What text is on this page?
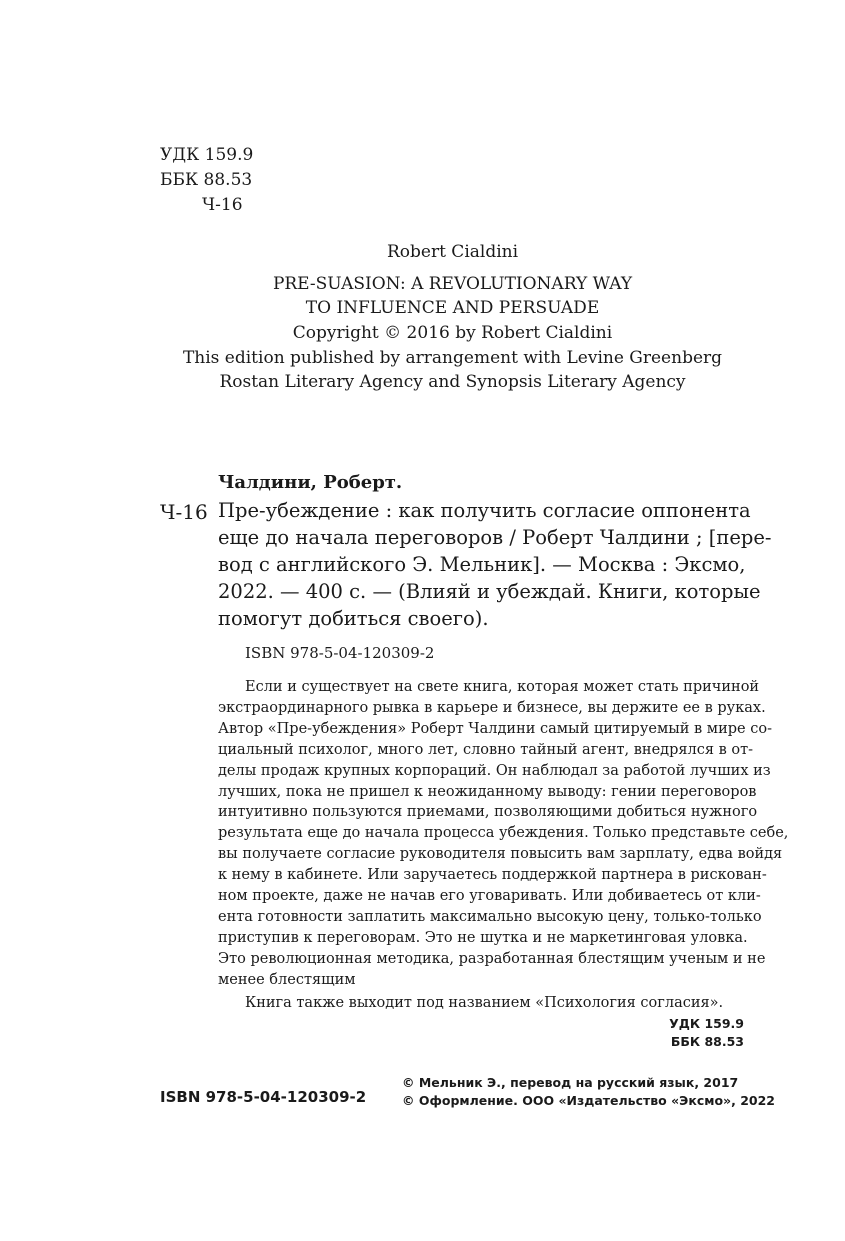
УДК 159.9
ББК 88.53
Ч-16
Robert Cialdini
PRE-SUASION: A REVOLUTIONARY WAY
TO INFLUENCE AND PERSUADE
Copyright © 2016 by Robert Cialdini
This edition published by arrangement with Levine Greenberg
Rostan Literary Agency and Synopsis Literary Agency
Чалдини, Роберт.
Ч-16 Пре-убеждение : как получить согласие оппонента
еще до начала переговоров / Роберт Чалдини ; [пере-
вод с английского Э. Мельник]. — Москва : Эксмо,
2022. — 400 с. — (Влияй и убеждай. Книги, которые
помогут добиться своего).
ISBN 978-5-04-120309-2
Если и существует на свете книга, которая может стать причиной
экстраординарного рывка в карьере и бизнесе, вы держите ее в руках.
Автор «Пре-убеждения» Роберт Чалдини самый цитируемый в мире со-
циальный психолог, много лет, словно тайный агент, внедрялся в от-
делы продаж крупных корпораций. Он наблюдал за работой лучших из
лучших, пока не пришел к неожиданному выводу: гении переговоров
интуитивно пользуются приемами, позволяющими добиться нужного
результата еще до начала процесса убеждения. Только представьте себе,
вы получаете согласие руководителя повысить вам зарплату, едва войдя
к нему в кабинете. Или заручаетесь поддержкой партнера в рискован-
ном проекте, даже не начав его уговаривать. Или добиваетесь от кли-
ента готовности заплатить максимально высокую цену, только-только
приступив к переговорам. Это не шутка и не маркетинговая уловка.
Это революционная методика, разработанная блестящим ученым и не
менее блестящим
Книга также выходит под названием «Психология согласия».
УДК 159.9
ББК 88.53
ISBN 978-5-04-120309-2
© Мельник Э., перевод на русский язык, 2017
© Оформление. ООО «Издательство «Эксмо», 2022
